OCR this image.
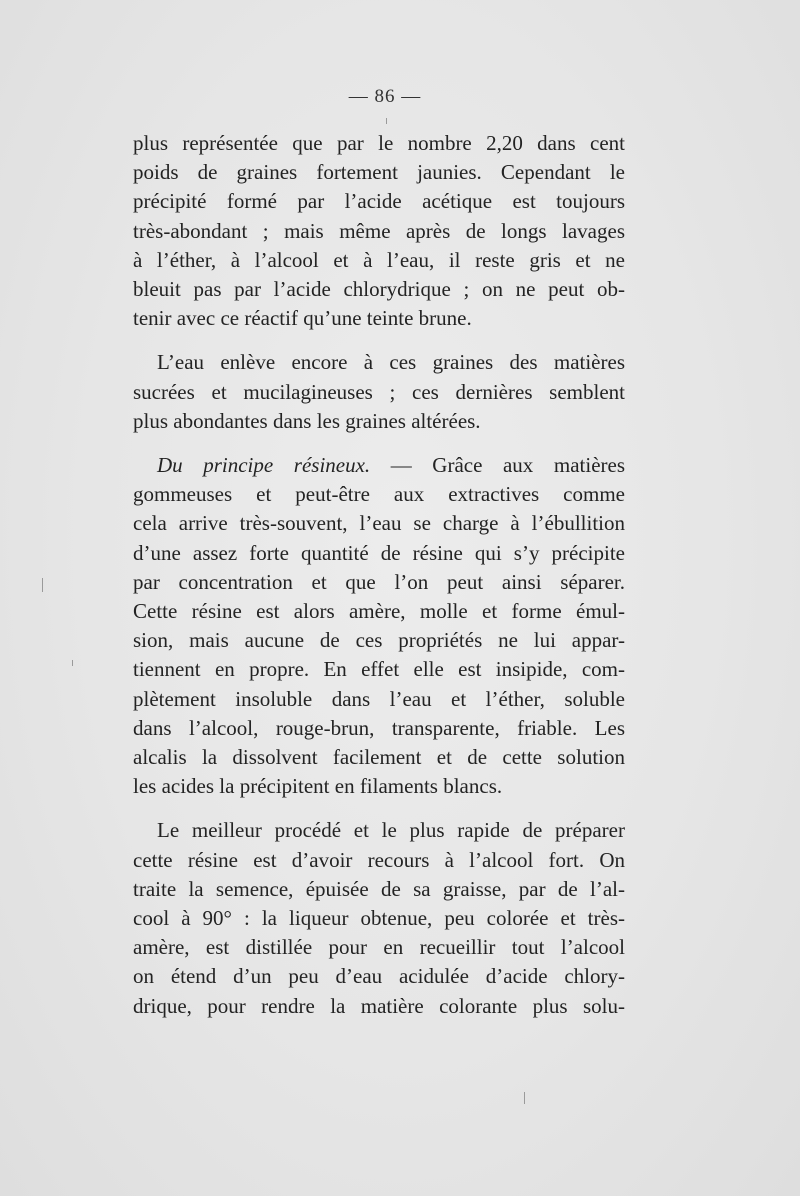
— 86 —
plus représentée que par le nombre 2,20 dans cent
poids de graines fortement jaunies. Cependant le
précipité formé par l’acide acétique est toujours
très-abondant ; mais même après de longs lavages
à l’éther, à l’alcool et à l’eau, il reste gris et ne
bleuit pas par l’acide chlorydrique ; on ne peut ob-
tenir avec ce réactif qu’une teinte brune.
L’eau enlève encore à ces graines des matières
sucrées et mucilagineuses ; ces dernières semblent
plus abondantes dans les graines altérées.
Du principe résineux. — Grâce aux matières
gommeuses et peut-être aux extractives comme
cela arrive très-souvent, l’eau se charge à l’ébullition
d’une assez forte quantité de résine qui s’y précipite
par concentration et que l’on peut ainsi séparer.
Cette résine est alors amère, molle et forme émul-
sion, mais aucune de ces propriétés ne lui appar-
tiennent en propre. En effet elle est insipide, com-
plètement insoluble dans l’eau et l’éther, soluble
dans l’alcool, rouge-brun, transparente, friable. Les
alcalis la dissolvent facilement et de cette solution
les acides la précipitent en filaments blancs.
Le meilleur procédé et le plus rapide de préparer
cette résine est d’avoir recours à l’alcool fort. On
traite la semence, épuisée de sa graisse, par de l’al-
cool à 90° : la liqueur obtenue, peu colorée et très-
amère, est distillée pour en recueillir tout l’alcool
on étend d’un peu d’eau acidulée d’acide chlory-
drique, pour rendre la matière colorante plus solu-
